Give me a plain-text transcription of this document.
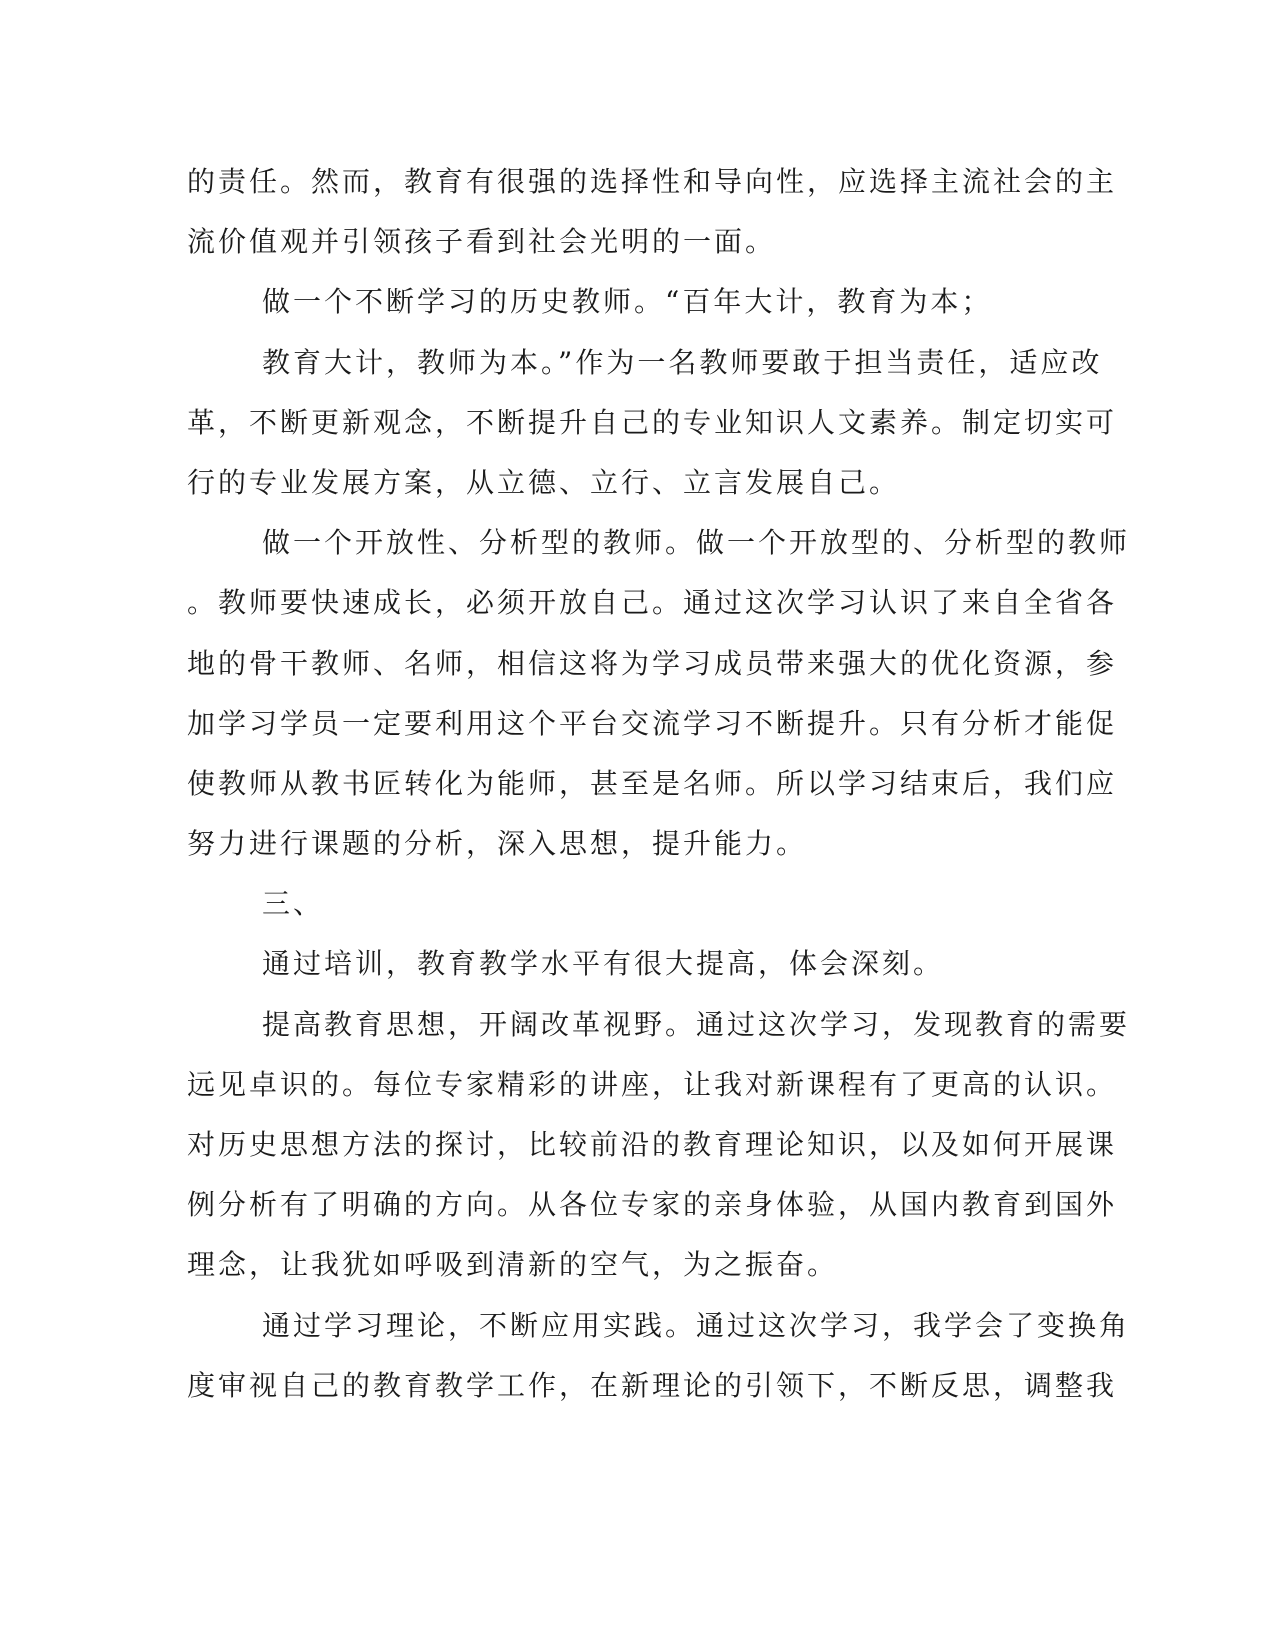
的责任。然而，教育有很强的选择性和导向性，应选择主流社会的主

流价值观并引领孩子看到社会光明的一面。

做一个不断学习的历史教师。“百年大计，教育为本；

教育大计，教师为本。”作为一名教师要敢于担当责任，适应改

革，不断更新观念，不断提升自己的专业知识人文素养。制定切实可

行的专业发展方案，从立德、立行、立言发展自己。

做一个开放性、分析型的教师。做一个开放型的、分析型的教师

。教师要快速成长，必须开放自己。通过这次学习认识了来自全省各

地的骨干教师、名师，相信这将为学习成员带来强大的优化资源，参

加学习学员一定要利用这个平台交流学习不断提升。只有分析才能促

使教师从教书匠转化为能师，甚至是名师。所以学习结束后，我们应

努力进行课题的分析，深入思想，提升能力。

三、

通过培训，教育教学水平有很大提高，体会深刻。

提高教育思想，开阔改革视野。通过这次学习，发现教育的需要

远见卓识的。每位专家精彩的讲座，让我对新课程有了更高的认识。

对历史思想方法的探讨，比较前沿的教育理论知识，以及如何开展课

例分析有了明确的方向。从各位专家的亲身体验，从国内教育到国外

理念，让我犹如呼吸到清新的空气，为之振奋。

通过学习理论，不断应用实践。通过这次学习，我学会了变换角

度审视自己的教育教学工作，在新理论的引领下，不断反思，调整我
